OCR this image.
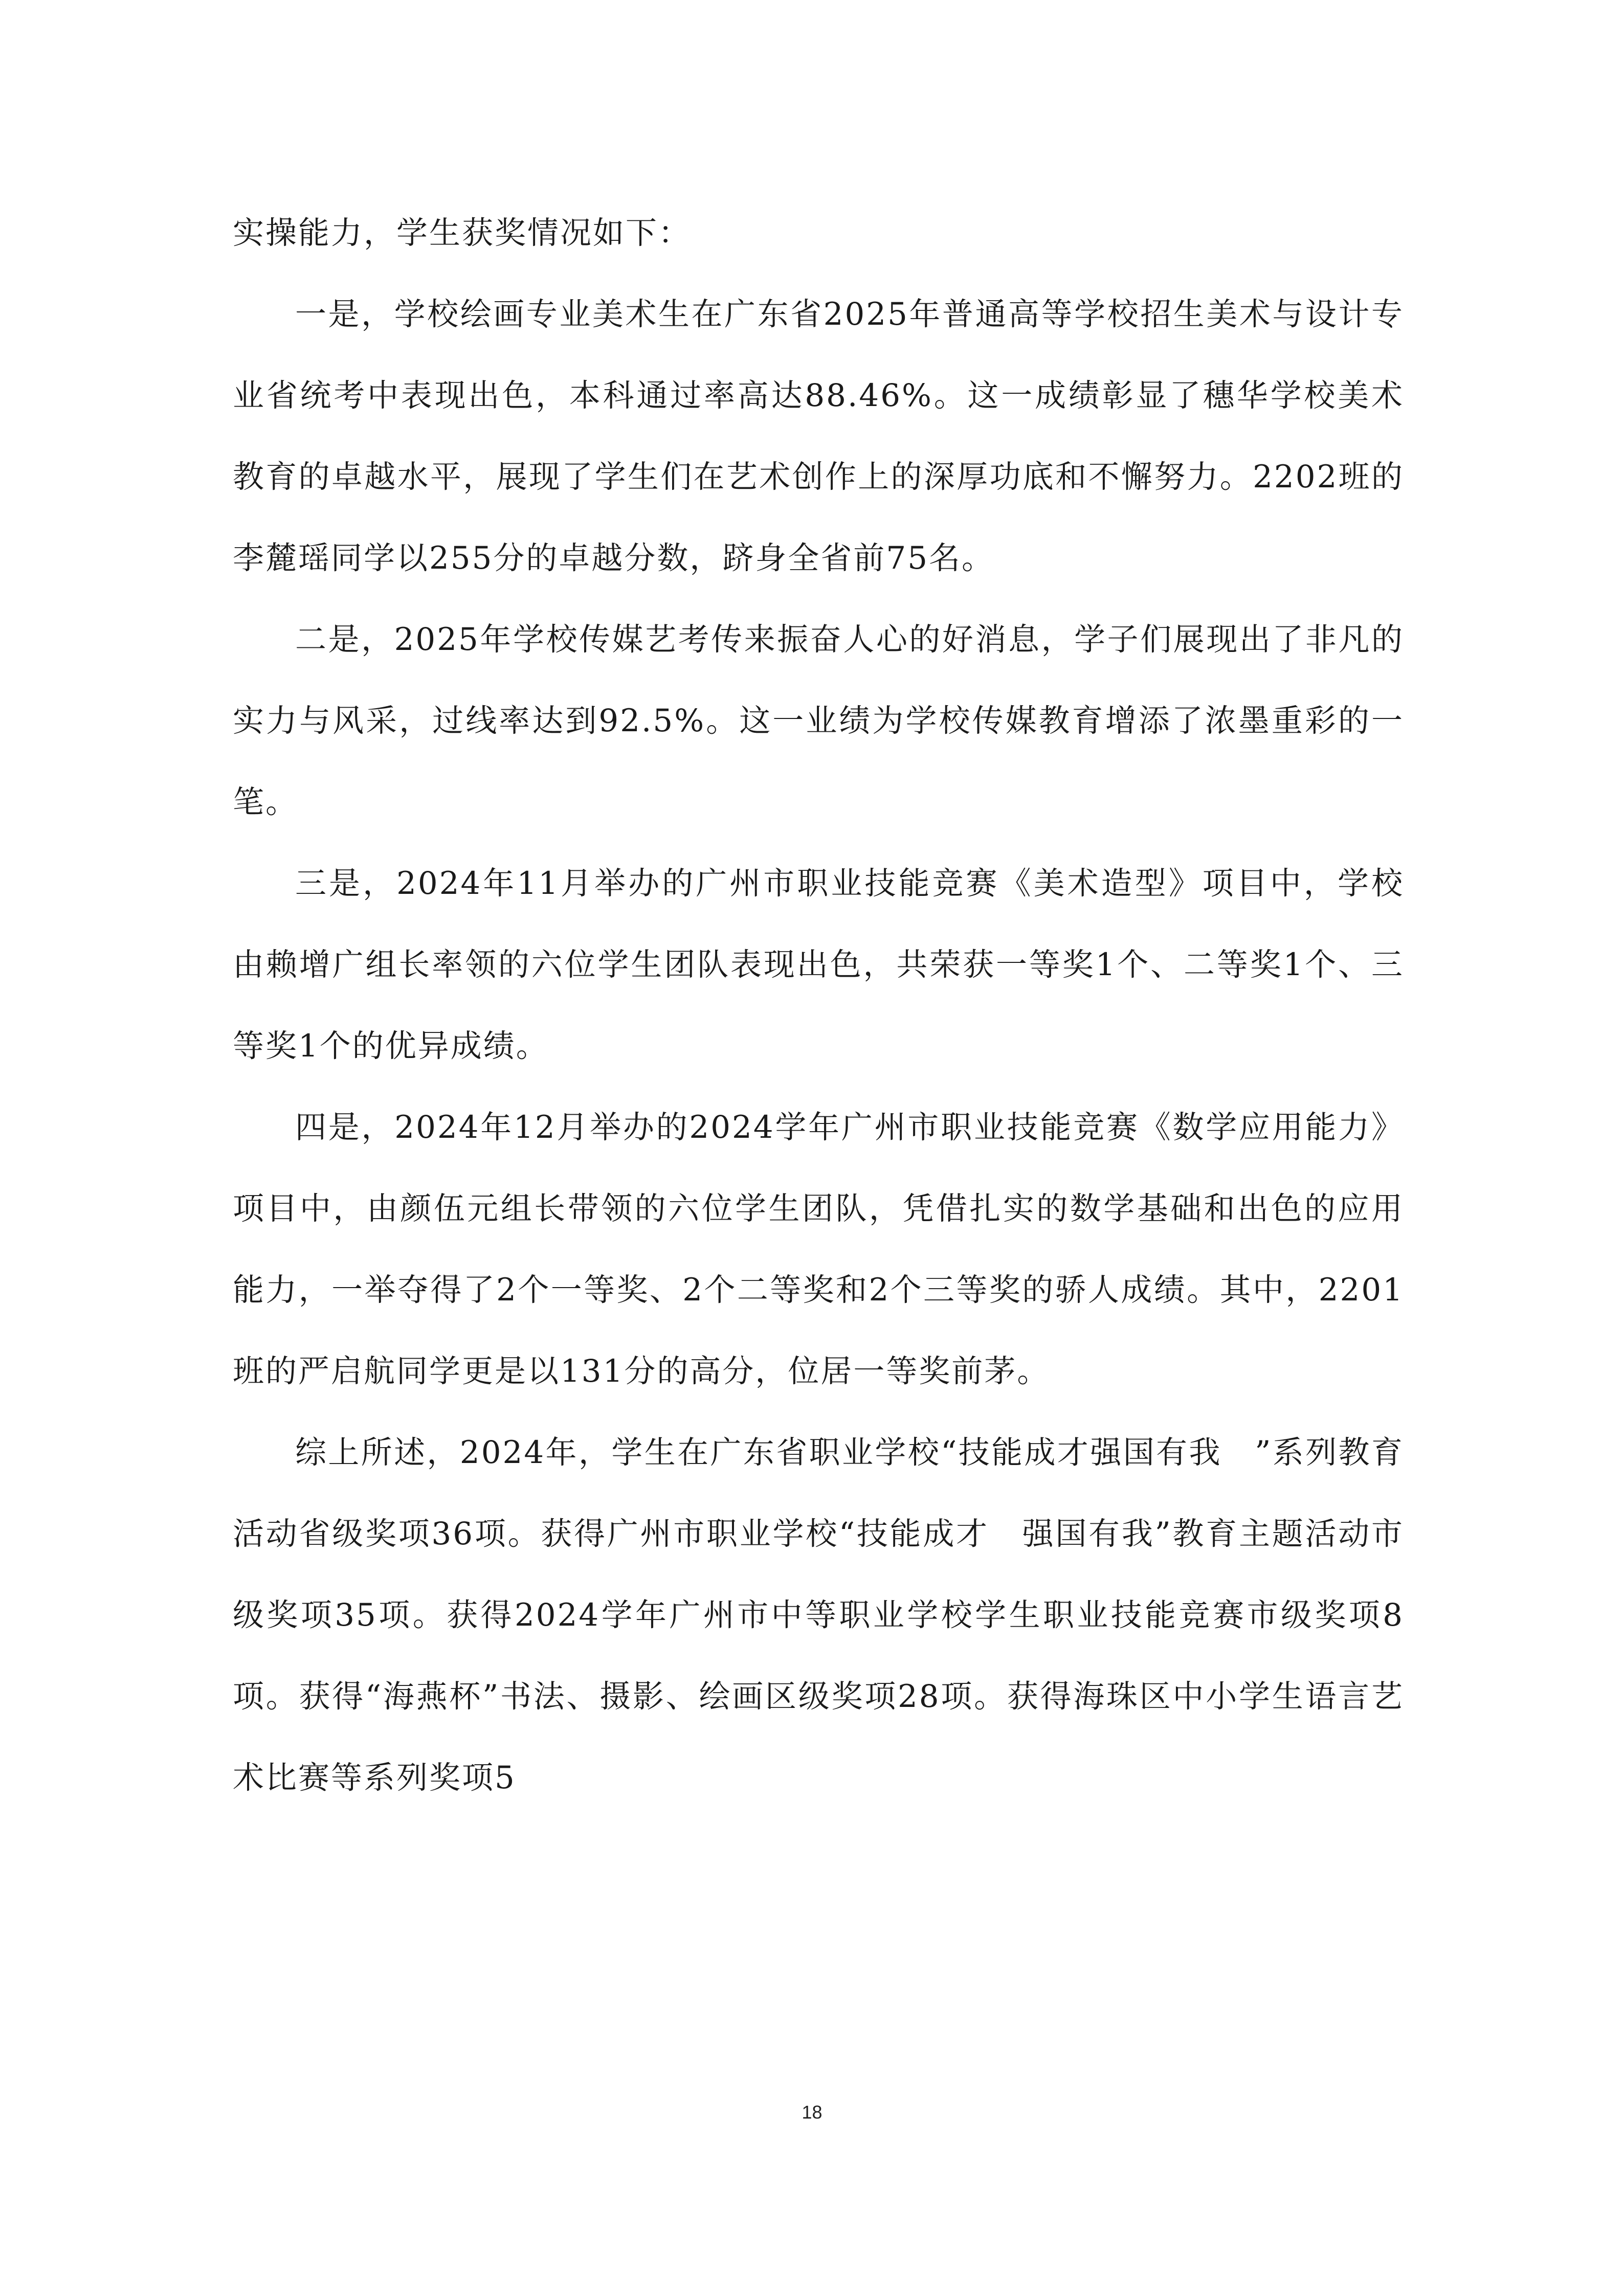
实操能力，学生获奖情况如下：

一是，学校绘画专业美术生在广东省2025年普通高等学校招生美术与设计专业省统考中表现出色，本科通过率高达88.46%。这一成绩彰显了穗华学校美术教育的卓越水平，展现了学生们在艺术创作上的深厚功底和不懈努力。2202班的李麓瑶同学以255分的卓越分数，跻身全省前75名。

二是，2025年学校传媒艺考传来振奋人心的好消息，学子们展现出了非凡的实力与风采，过线率达到92.5%。这一业绩为学校传媒教育增添了浓墨重彩的一笔。

三是，2024年11月举办的广州市职业技能竞赛《美术造型》项目中，学校由赖增广组长率领的六位学生团队表现出色，共荣获一等奖1个、二等奖1个、三等奖1个的优异成绩。

四是，2024年12月举办的2024学年广州市职业技能竞赛《数学应用能力》项目中，由颜伍元组长带领的六位学生团队，凭借扎实的数学基础和出色的应用能力，一举夺得了2个一等奖、2个二等奖和2个三等奖的骄人成绩。其中，2201班的严启航同学更是以131分的高分，位居一等奖前茅。

综上所述，2024年，学生在广东省职业学校“技能成才强国有我　”系列教育活动省级奖项36项。获得广州市职业学校“技能成才　强国有我”教育主题活动市级奖项35项。获得2024学年广州市中等职业学校学生职业技能竞赛市级奖项8项。获得“海燕杯”书法、摄影、绘画区级奖项28项。获得海珠区中小学生语言艺术比赛等系列奖项5

18
